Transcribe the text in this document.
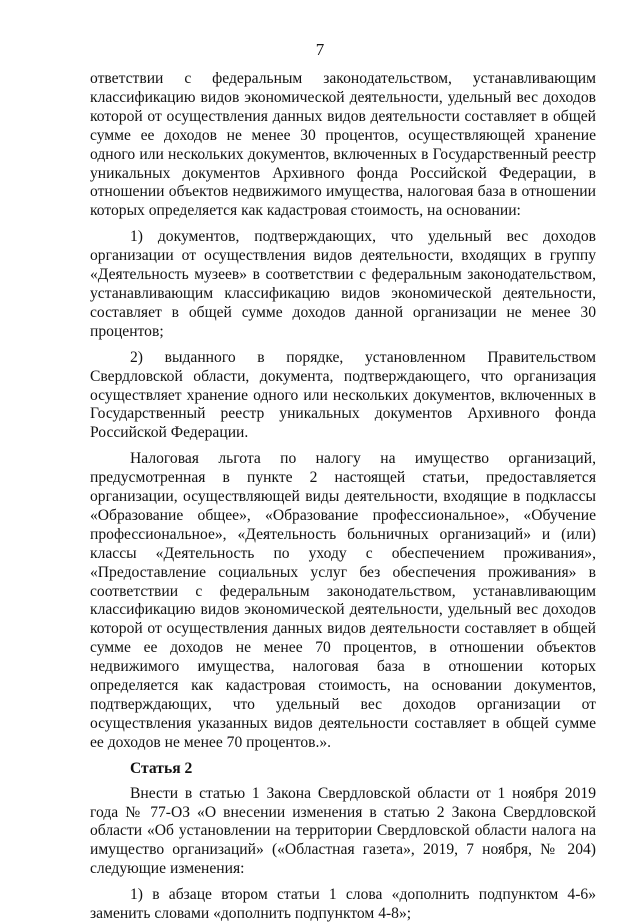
7

ответствии с федеральным законодательством, устанавливающим классификацию видов экономической деятельности, удельный вес доходов которой от осуществления данных видов деятельности составляет в общей сумме ее доходов не менее 30 процентов, осуществляющей хранение одного или нескольких документов, включенных в Государственный реестр уникальных документов Архивного фонда Российской Федерации, в отношении объектов недвижимого имущества, налоговая база в отношении которых определяется как кадастровая стоимость, на основании:

1) документов, подтверждающих, что удельный вес доходов организации от осуществления видов деятельности, входящих в группу «Деятельность музеев» в соответствии с федеральным законодательством, устанавливающим классификацию видов экономической деятельности, составляет в общей сумме доходов данной организации не менее 30 процентов;

2) выданного в порядке, установленном Правительством Свердловской области, документа, подтверждающего, что организация осуществляет хранение одного или нескольких документов, включенных в Государственный реестр уникальных документов Архивного фонда Российской Федерации.

Налоговая льгота по налогу на имущество организаций, предусмотренная в пункте 2 настоящей статьи, предоставляется организации, осуществляющей виды деятельности, входящие в подклассы «Образование общее», «Образование профессиональное», «Обучение профессиональное», «Деятельность больничных организаций» и (или) классы «Деятельность по уходу с обеспечением проживания», «Предоставление социальных услуг без обеспечения проживания» в соответствии с федеральным законодательством, устанавливающим классификацию видов экономической деятельности, удельный вес доходов которой от осуществления данных видов деятельности составляет в общей сумме ее доходов не менее 70 процентов, в отношении объектов недвижимого имущества, налоговая база в отношении которых определяется как кадастровая стоимость, на основании документов, подтверждающих, что удельный вес доходов организации от осуществления указанных видов деятельности составляет в общей сумме ее доходов не менее 70 процентов.».

Статья 2

Внести в статью 1 Закона Свердловской области от 1 ноября 2019 года № 77-ОЗ «О внесении изменения в статью 2 Закона Свердловской области «Об установлении на территории Свердловской области налога на имущество организаций» («Областная газета», 2019, 7 ноября, № 204) следующие изменения:

1) в абзаце втором статьи 1 слова «дополнить подпунктом 4-6» заменить словами «дополнить подпунктом 4-8»;
